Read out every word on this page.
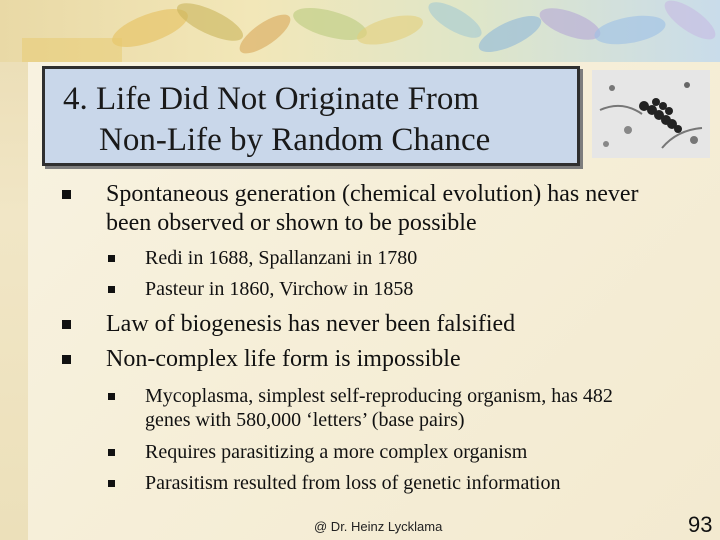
4. Life Did Not Originate From
Non-Life by Random Chance
Spontaneous generation (chemical evolution) has never been observed or shown to be possible
Redi in 1688, Spallanzani in 1780
Pasteur in 1860, Virchow in 1858
Law of biogenesis has never been falsified
Non-complex life form is impossible
Mycoplasma, simplest self-reproducing organism, has 482 genes with 580,000 ‘letters’ (base pairs)
Requires parasitizing a more complex organism
Parasitism resulted from loss of genetic information
@ Dr. Heinz Lycklama	93
